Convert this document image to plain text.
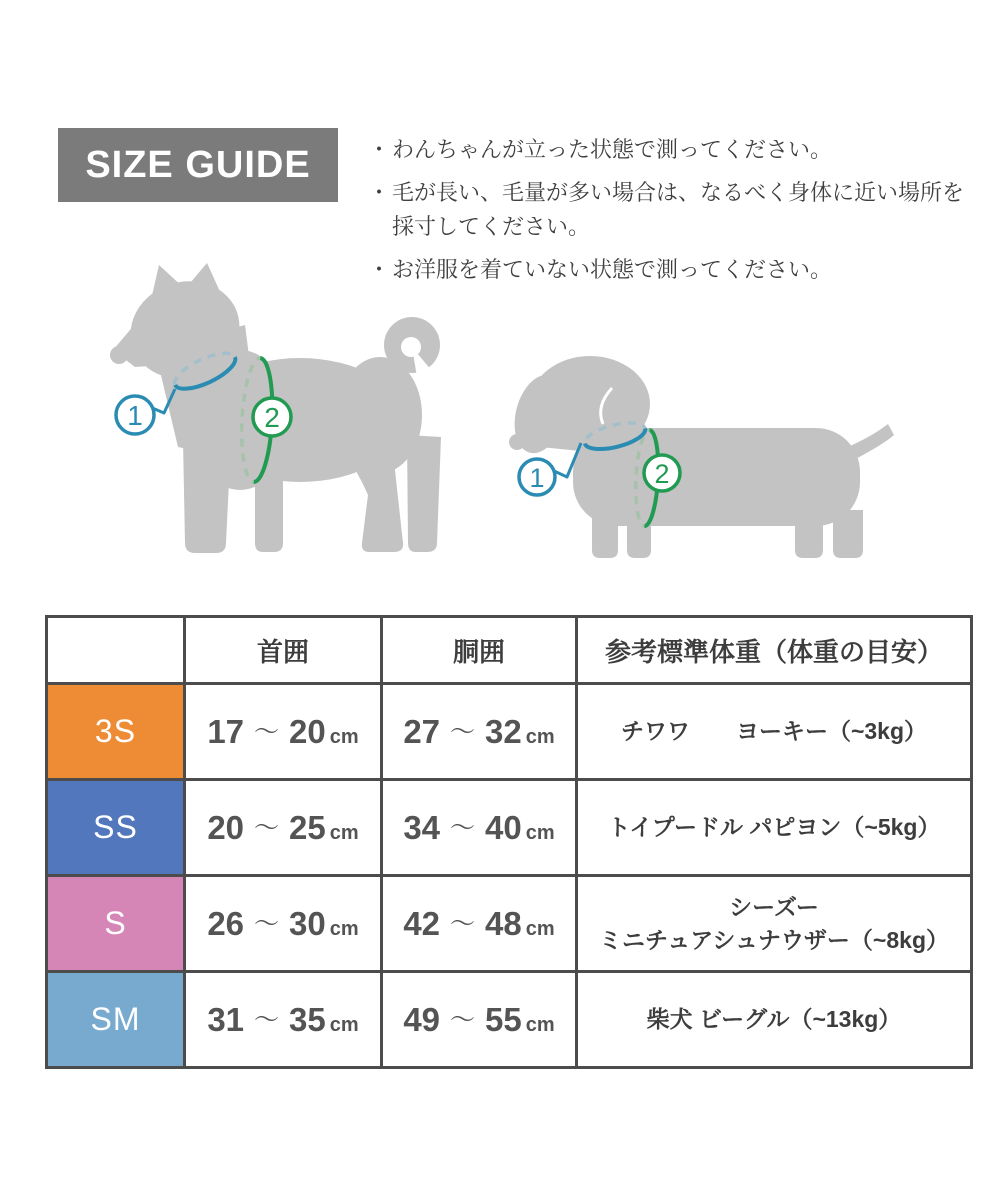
SIZE GUIDE	・ わんちゃんが立った状態で測ってください。
・ 毛が長い、毛量が多い場合は、なるべく身体に近い場所を
採寸してください。
・ お洋服を着ていない状態で測ってください。
1	2
1	2
	首囲	胴囲	参考標準体重（体重の目安）
3S	17 ～ 20 cm	27 ～ 32 cm	チワワ　　ヨーキー（~3kg）

SS	20 ～ 25 cm	34 ～ 40 cm	トイプードル パピヨン（~5kg）

S	26 ～ 30 cm	42 ～ 48 cm	シーズー
ミニチュアシュナウザー（~8kg）

SM	31 ～ 35 cm	49 ～ 55 cm	柴犬 ビーグル（~13kg）
